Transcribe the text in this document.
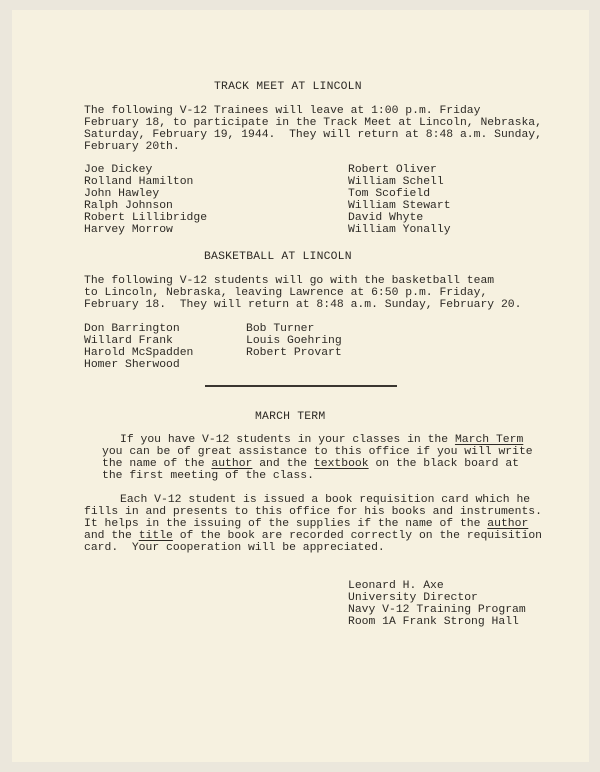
TRACK MEET AT LINCOLN
The following V-12 Trainees will leave at 1:00 p.m. Friday
February 18, to participate in the Track Meet at Lincoln, Nebraska,
Saturday, February 19, 1944.  They will return at 8:48 a.m. Sunday,
February 20th.
Joe Dickey
Rolland Hamilton
John Hawley
Ralph Johnson
Robert Lillibridge
Harvey Morrow
Robert Oliver
William Schell
Tom Scofield
William Stewart
David Whyte
William Yonally
BASKETBALL AT LINCOLN
The following V-12 students will go with the basketball team
to Lincoln, Nebraska, leaving Lawrence at 6:50 p.m. Friday,
February 18.  They will return at 8:48 a.m. Sunday, February 20.
Don Barrington
Willard Frank
Harold McSpadden
Homer Sherwood
Bob Turner
Louis Goehring
Robert Provart
MARCH TERM
If you have V-12 students in your classes in the March Term
you can be of great assistance to this office if you will write
the name of the author and the textbook on the black board at
the first meeting of the class.
Each V-12 student is issued a book requisition card which he
fills in and presents to this office for his books and instruments.
It helps in the issuing of the supplies if the name of the author
and the title of the book are recorded correctly on the requisition
card.  Your cooperation will be appreciated.
Leonard H. Axe
University Director
Navy V-12 Training Program
Room 1A Frank Strong Hall
